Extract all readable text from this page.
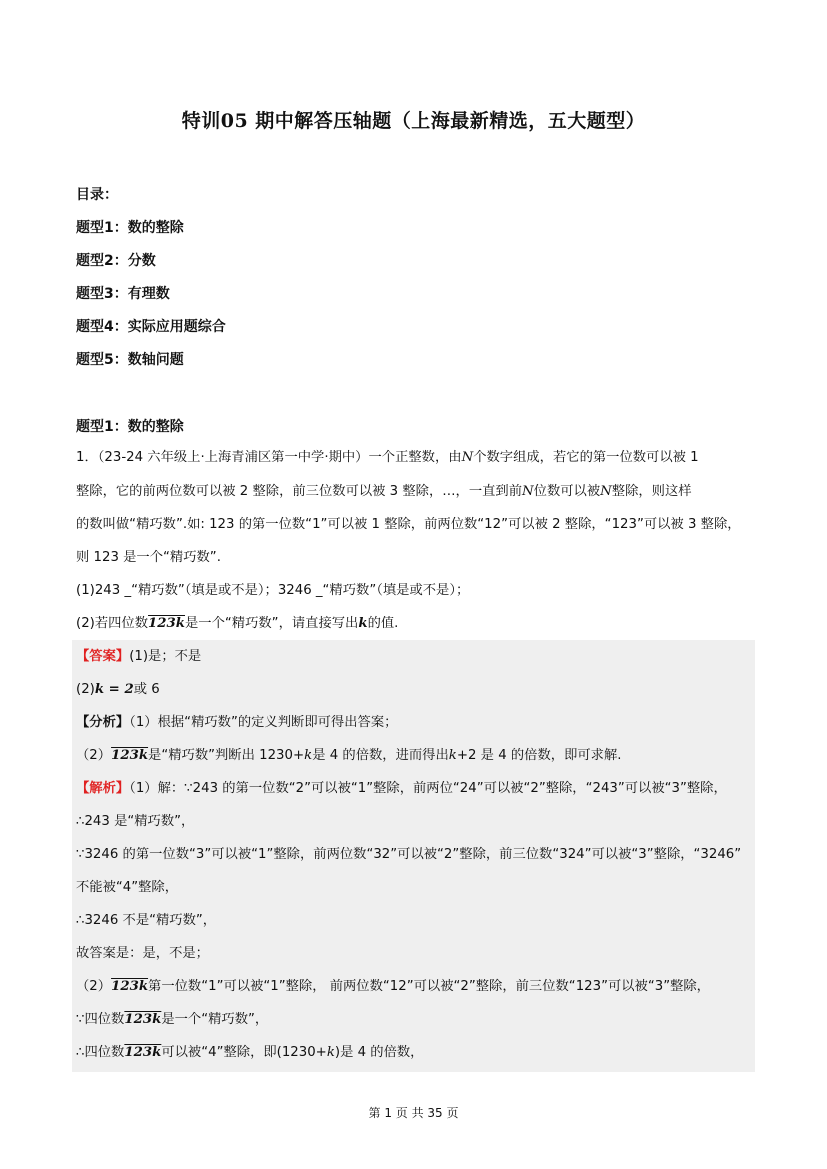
特训05 期中解答压轴题（上海最新精选，五大题型）
目录：
题型1：数的整除
题型2：分数
题型3：有理数
题型4：实际应用题综合
题型5：数轴问题
题型1：数的整除
1．（23-24 六年级上·上海青浦区第一中学·期中）一个正整数，由N个数字组成，若它的第一位数可以被 1
整除，它的前两位数可以被 2 整除，前三位数可以被 3 整除，…，一直到前N位数可以被N整除，则这样
的数叫做“精巧数”.如: 123 的第一位数“1”可以被 1 整除，前两位数“12”可以被 2 整除，“123”可以被 3 整除，
则 123 是一个“精巧数”.
(1)243 _“精巧数”（填是或不是）；3246 _“精巧数”（填是或不是）；
(2)若四位数123k是一个“精巧数”，请直接写出k的值.
【答案】(1)是；不是
(2)k = 2或 6
【分析】（1）根据“精巧数”的定义判断即可得出答案；
（2）123k是“精巧数”判断出 1230+k是 4 的倍数，进而得出k+2 是 4 的倍数，即可求解.
【解析】（1）解：∵243 的第一位数“2”可以被“1”整除，前两位“24”可以被“2”整除，“243”可以被“3”整除，
∴243 是“精巧数”，
∵3246 的第一位数“3”可以被“1”整除，前两位数“32”可以被“2”整除，前三位数“324”可以被“3”整除，“3246”
不能被“4”整除，
∴3246 不是“精巧数”，
故答案是：是，不是；
（2）123k第一位数“1”可以被“1”整除， 前两位数“12”可以被“2”整除，前三位数“123”可以被“3”整除，
∵四位数123k是一个“精巧数”，
∴四位数123k可以被“4”整除，即(1230+k)是 4 的倍数，
第 1 页 共 35 页
